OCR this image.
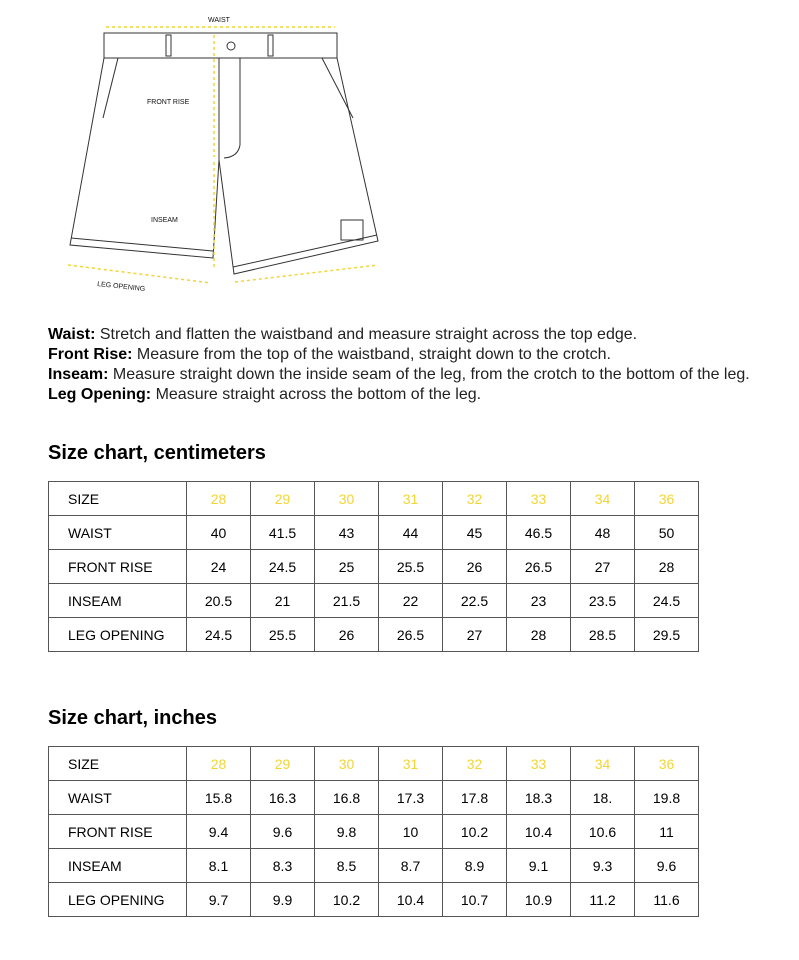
WAIST
FRONT RISE
INSEAM
LEG OPENING
Waist: Stretch and flatten the waistband and measure straight across the top edge.
Front Rise: Measure from the top of the waistband, straight down to the crotch.
Inseam: Measure straight down the inside seam of the leg, from the crotch to the bottom of the leg.
Leg Opening: Measure straight across the bottom of the leg.
Size chart, centimeters
SIZE	28	29	30	31	32	33	34	36
WAIST	40	41.5	43	44	45	46.5	48	50
FRONT RISE	24	24.5	25	25.5	26	26.5	27	28
INSEAM	20.5	21	21.5	22	22.5	23	23.5	24.5
LEG OPENING	24.5	25.5	26	26.5	27	28	28.5	29.5
Size chart, inches
SIZE	28	29	30	31	32	33	34	36
WAIST	15.8	16.3	16.8	17.3	17.8	18.3	18.	19.8
FRONT RISE	9.4	9.6	9.8	10	10.2	10.4	10.6	11
INSEAM	8.1	8.3	8.5	8.7	8.9	9.1	9.3	9.6
LEG OPENING	9.7	9.9	10.2	10.4	10.7	10.9	11.2	11.6
